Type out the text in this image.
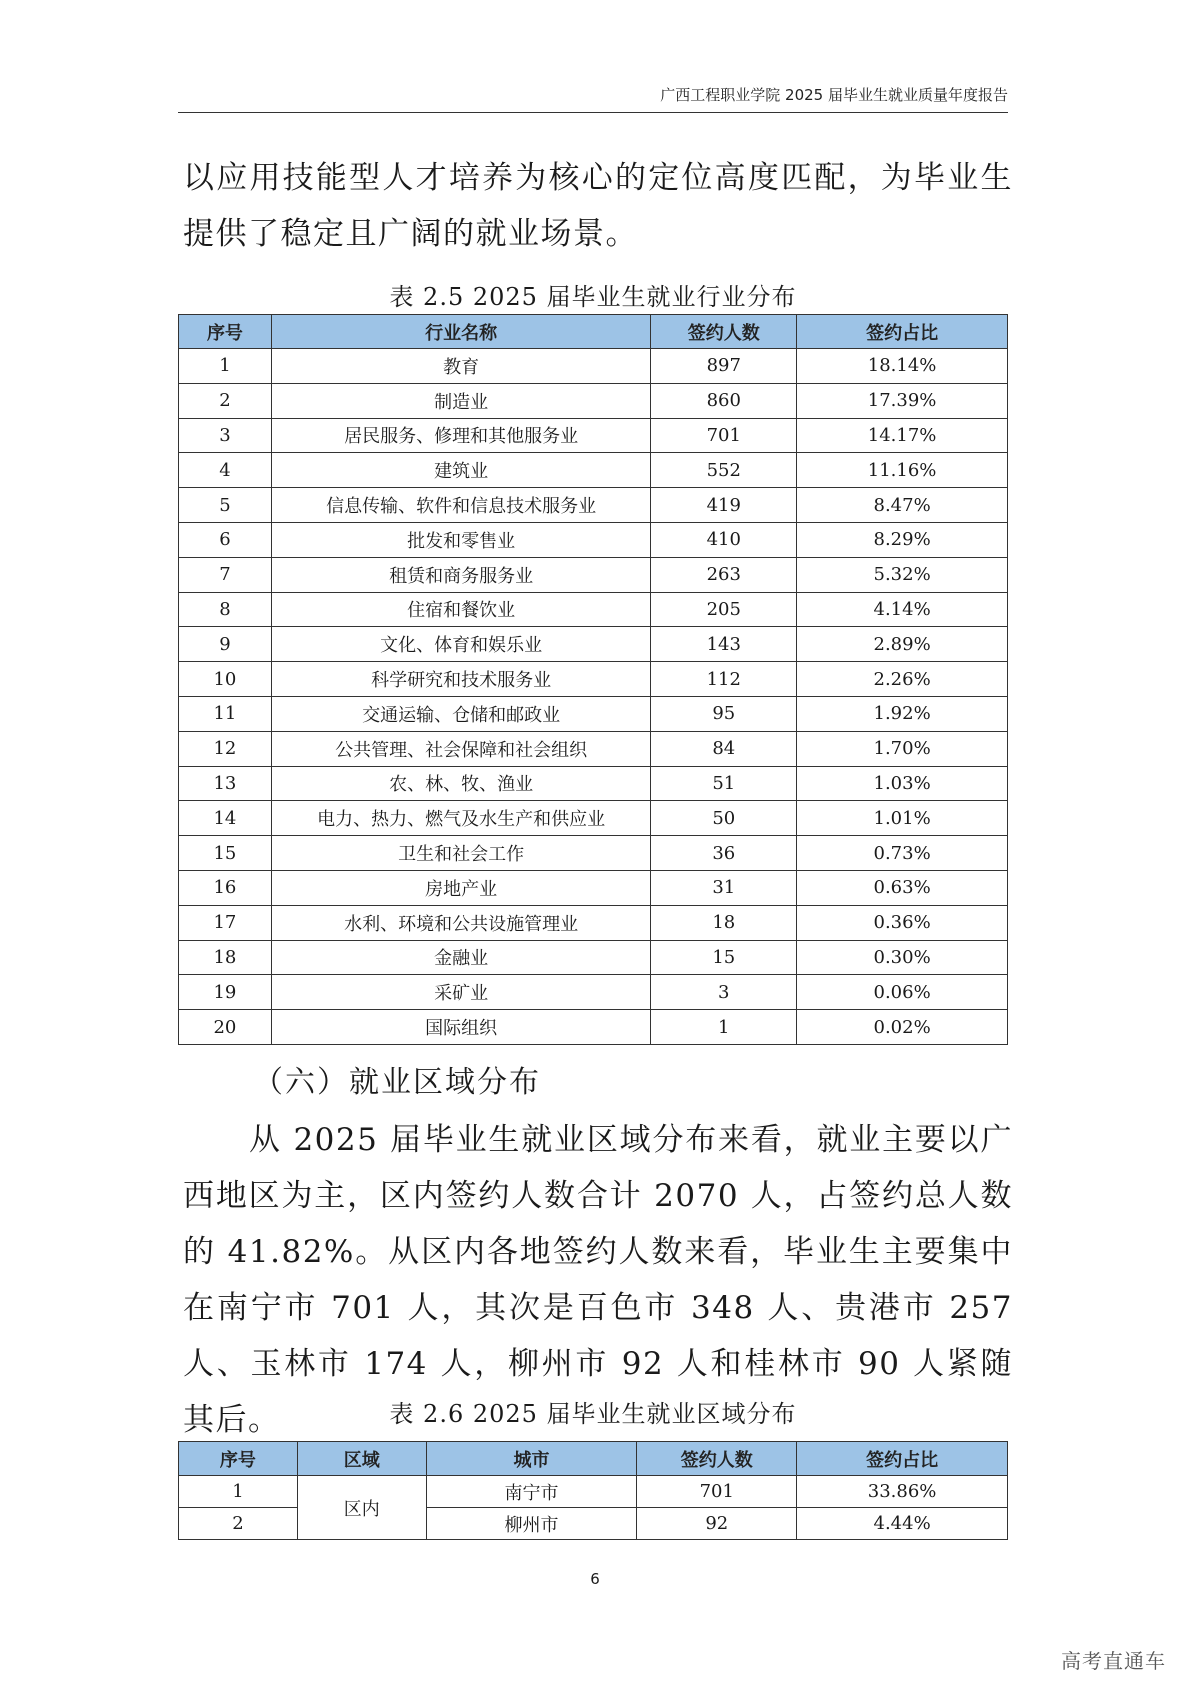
广西工程职业学院 2025 届毕业生就业质量年度报告

以应用技能型人才培养为核心的定位高度匹配，为毕业生提供了稳定且广阔的就业场景。

表 2.5 2025 届毕业生就业行业分布
序号	行业名称	签约人数	签约占比
1	教育	897	18.14%
2	制造业	860	17.39%
3	居民服务、修理和其他服务业	701	14.17%
4	建筑业	552	11.16%
5	信息传输、软件和信息技术服务业	419	8.47%
6	批发和零售业	410	8.29%
7	租赁和商务服务业	263	5.32%
8	住宿和餐饮业	205	4.14%
9	文化、体育和娱乐业	143	2.89%
10	科学研究和技术服务业	112	2.26%
11	交通运输、仓储和邮政业	95	1.92%
12	公共管理、社会保障和社会组织	84	1.70%
13	农、林、牧、渔业	51	1.03%
14	电力、热力、燃气及水生产和供应业	50	1.01%
15	卫生和社会工作	36	0.73%
16	房地产业	31	0.63%
17	水利、环境和公共设施管理业	18	0.36%
18	金融业	15	0.30%
19	采矿业	3	0.06%
20	国际组织	1	0.02%
（六）就业区域分布

从 2025 届毕业生就业区域分布来看，就业主要以广西地区为主，区内签约人数合计 2070 人，占签约总人数的 41.82%。从区内各地签约人数来看，毕业生主要集中在南宁市 701 人，其次是百色市 348 人、贵港市 257 人、玉林市 174 人，柳州市 92 人和桂林市 90 人紧随其后。	表 2.6 2025 届毕业生就业区域分布
序号	区域	城市	签约人数	签约占比
1	区内	南宁市	701	33.86%
2		柳州市	92	4.44%
6
高考直通车
